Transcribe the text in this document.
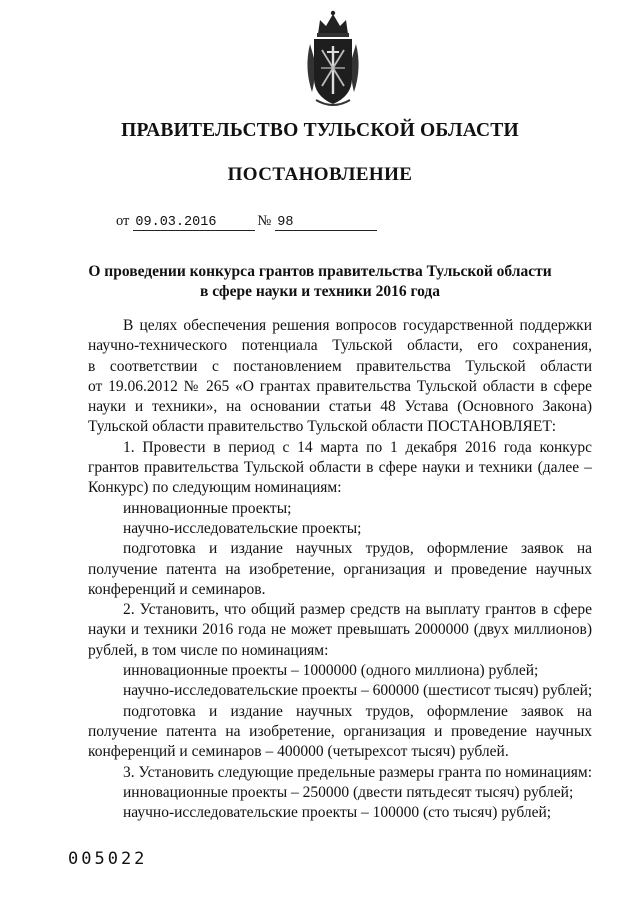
ПРАВИТЕЛЬСТВО ТУЛЬСКОЙ ОБЛАСТИ
ПОСТАНОВЛЕНИЕ
от 09.03.2016	№ 98
О проведении конкурса грантов правительства Тульской области
в сфере науки и техники 2016 года
В целях обеспечения решения вопросов государственной поддержки
научно-технического потенциала Тульской области, его сохранения,
в соответствии с постановлением правительства Тульской области
от 19.06.2012 № 265 «О грантах правительства Тульской области в сфере
науки и техники», на основании статьи 48 Устава (Основного Закона)
Тульской области правительство Тульской области ПОСТАНОВЛЯЕТ:
1. Провести в период с 14 марта по 1 декабря 2016 года конкурс
грантов правительства Тульской области в сфере науки и техники (далее –
Конкурс) по следующим номинациям:
инновационные проекты;
научно-исследовательские проекты;
подготовка и издание научных трудов, оформление заявок на
получение патента на изобретение, организация и проведение научных
конференций и семинаров.
2. Установить, что общий размер средств на выплату грантов в сфере
науки и техники 2016 года не может превышать 2000000 (двух миллионов)
рублей, в том числе по номинациям:
инновационные проекты – 1000000 (одного миллиона) рублей;
научно-исследовательские проекты – 600000 (шестисот тысяч) рублей;
подготовка и издание научных трудов, оформление заявок на
получение патента на изобретение, организация и проведение научных
конференций и семинаров – 400000 (четырехсот тысяч) рублей.
3. Установить следующие предельные размеры гранта по номинациям:
инновационные проекты – 250000 (двести пятьдесят тысяч) рублей;
научно-исследовательские проекты – 100000 (сто тысяч) рублей;
005022
